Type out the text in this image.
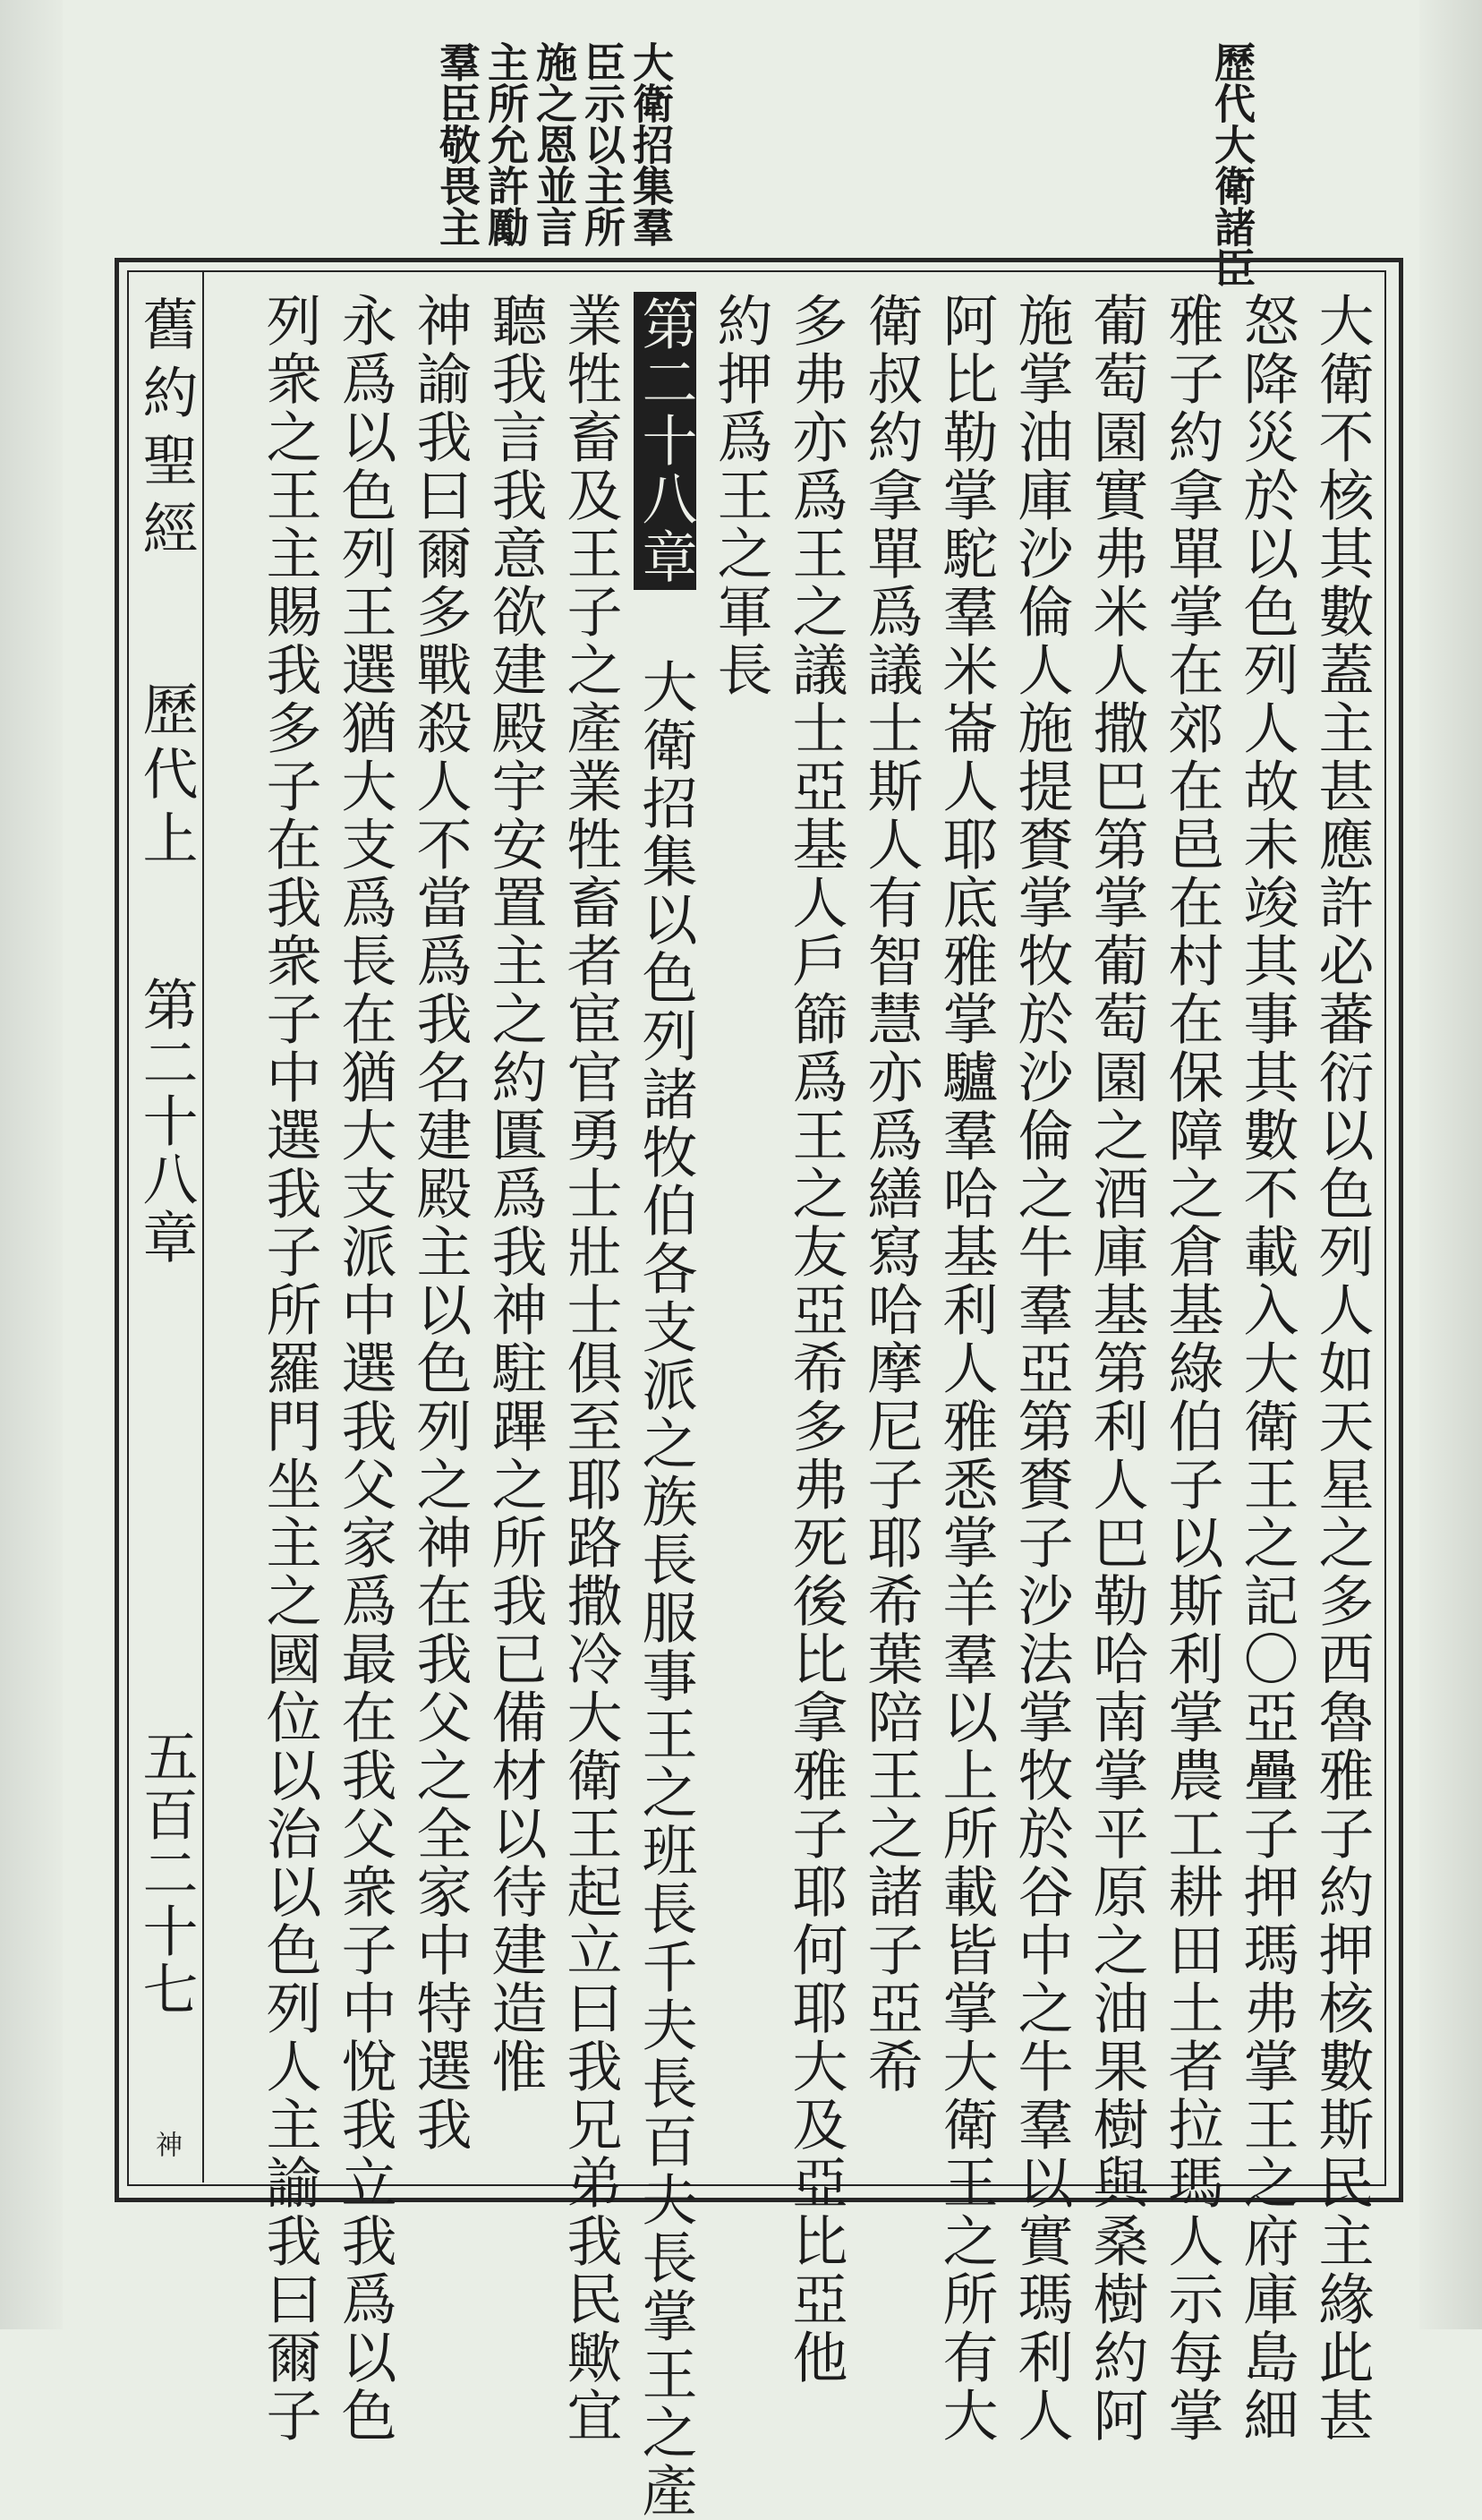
歷代大衛諸臣
大衛招集羣
臣示以主所
施之恩並言
主所允許勵
羣臣敬畏主
大衛不核其數蓋主甚應許必蕃衍以色列人如天星之多西魯雅子約押核數斯民主緣此甚
怒降災於以色列人故未竣其事其數不載入大衛王之記〇亞疊子押瑪弗掌王之府庫島細
雅子約拿單掌在郊在邑在村在保障之倉基綠伯子以斯利掌農工耕田土者拉瑪人示每掌
葡萄園實弗米人撒巴第掌葡萄園之酒庫基第利人巴勒哈南掌平原之油果樹與桑樹約阿
施掌油庫沙倫人施提賚掌牧於沙倫之牛羣亞第賚子沙法掌牧於谷中之牛羣以實瑪利人
阿比勒掌駝羣米崙人耶底雅掌驢羣哈基利人雅悉掌羊羣以上所載皆掌大衛王之所有大
衛叔約拿單爲議士斯人有智慧亦爲繕寫哈摩尼子耶希葉陪王之諸子亞希
多弗亦爲王之議士亞基人戶篩爲王之友亞希多弗死後比拿雅子耶何耶大及亞比亞他
約押爲王之軍長
第二十八章 大衛招集以色列諸牧伯各支派之族長服事王之班長千夫長百夫長掌王之產
業牲畜及王子之產業牲畜者宦官勇士壯士俱至耶路撒冷大衛王起立曰我兄弟我民歟宜
聽我言我意欲建殿宇安置主之約匱爲我神駐蹕之所我已備材以待建造惟
神諭我曰爾多戰殺人不當爲我名建殿主以色列之神在我父之全家中特選我
永爲以色列王選猶大支爲長在猶大支派中選我父家爲最在我父衆子中悅我立我爲以色
列衆之王主賜我多子在我衆子中選我子所羅門坐主之國位以治以色列人主諭我曰爾子
舊約聖經
歷代上
第二十八章
五百二十七
神
